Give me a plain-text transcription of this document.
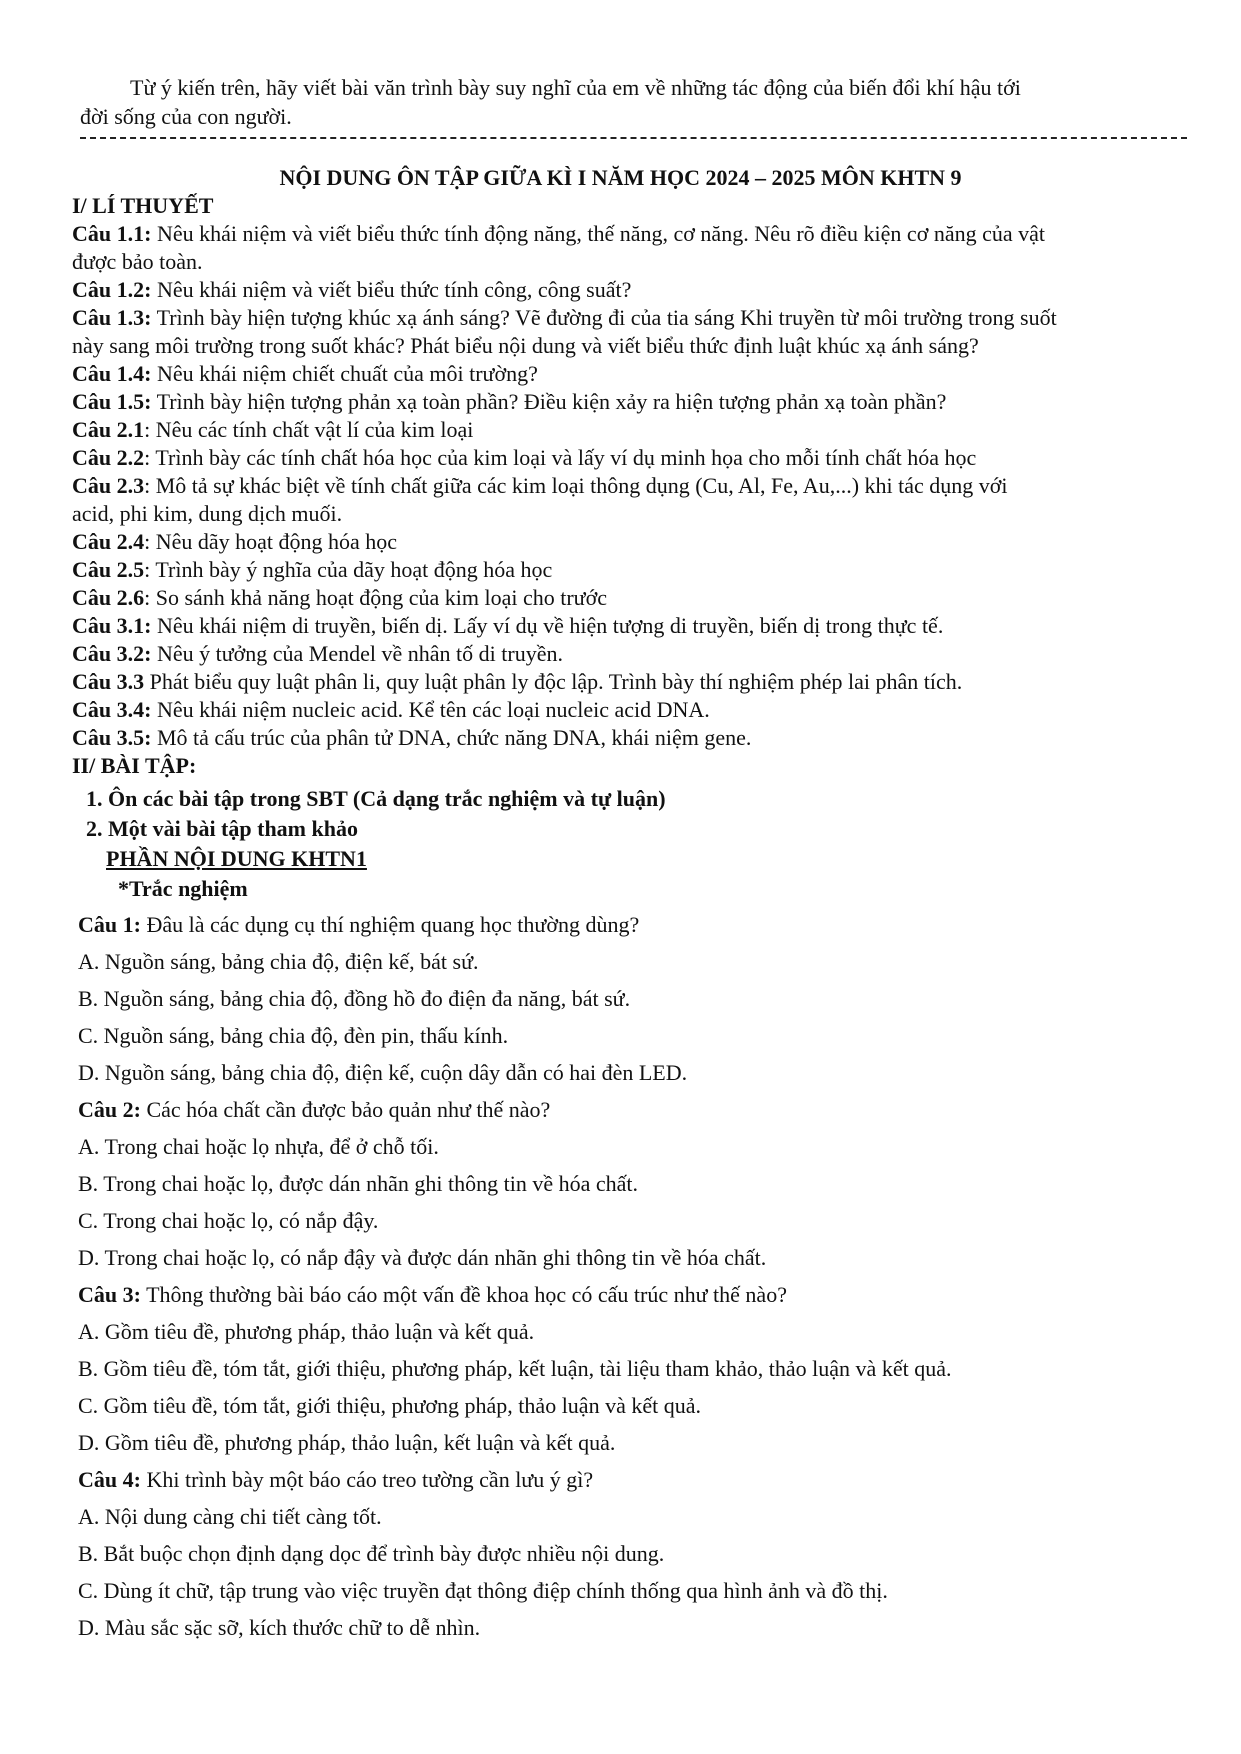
Từ ý kiến trên, hãy viết bài văn trình bày suy nghĩ của em về những tác động của biến đổi khí hậu tới
đời sống của con người.
NỘI DUNG ÔN TẬP GIỮA KÌ I NĂM HỌC 2024 – 2025 MÔN KHTN 9
I/ LÍ THUYẾT
Câu 1.1: Nêu khái niệm và viết biểu thức tính động năng, thế năng, cơ năng. Nêu rõ điều kiện cơ năng của vật
được bảo toàn.
Câu 1.2: Nêu khái niệm và viết biểu thức tính công, công suất?
Câu 1.3: Trình bày hiện tượng khúc xạ ánh sáng? Vẽ đường đi của tia sáng Khi truyền từ môi trường trong suốt
này sang môi trường trong suốt khác? Phát biểu nội dung và viết biểu thức định luật khúc xạ ánh sáng?
Câu 1.4: Nêu khái niệm chiết chuất của môi trường?
Câu 1.5: Trình bày hiện tượng phản xạ toàn phần? Điều kiện xảy ra hiện tượng phản xạ toàn phần?
Câu 2.1: Nêu các tính chất vật lí của kim loại
Câu 2.2: Trình bày các tính chất hóa học của kim loại và lấy ví dụ minh họa cho mỗi tính chất hóa học
Câu 2.3: Mô tả sự khác biệt về tính chất giữa các kim loại thông dụng (Cu, Al, Fe, Au,...) khi tác dụng với
acid, phi kim, dung dịch muối.
Câu 2.4: Nêu dãy hoạt động hóa học
Câu 2.5: Trình bày ý nghĩa của dãy hoạt động hóa học
Câu 2.6: So sánh khả năng hoạt động của kim loại cho trước
Câu 3.1: Nêu khái niệm di truyền, biến dị. Lấy ví dụ về hiện tượng di truyền, biến dị trong thực tế.
Câu 3.2: Nêu ý tưởng của Mendel về nhân tố di truyền.
Câu 3.3 Phát biểu quy luật phân li, quy luật phân ly độc lập. Trình bày thí nghiệm phép lai phân tích.
Câu 3.4: Nêu khái niệm nucleic acid. Kể tên các loại nucleic acid DNA.
Câu 3.5: Mô tả cấu trúc của phân tử DNA, chức năng DNA, khái niệm gene.
II/ BÀI TẬP:
1. Ôn các bài tập trong SBT (Cả dạng trắc nghiệm và tự luận)
2. Một vài bài tập tham khảo
PHẦN NỘI DUNG KHTN1
*Trắc nghiệm
Câu 1: Đâu là các dụng cụ thí nghiệm quang học thường dùng?
A. Nguồn sáng, bảng chia độ, điện kế, bát sứ.
B. Nguồn sáng, bảng chia độ, đồng hồ đo điện đa năng, bát sứ.
C. Nguồn sáng, bảng chia độ, đèn pin, thấu kính.
D. Nguồn sáng, bảng chia độ, điện kế, cuộn dây dẫn có hai đèn LED.
Câu 2: Các hóa chất cần được bảo quản như thế nào?
A. Trong chai hoặc lọ nhựa, để ở chỗ tối.
B. Trong chai hoặc lọ, được dán nhãn ghi thông tin về hóa chất.
C. Trong chai hoặc lọ, có nắp đậy.
D. Trong chai hoặc lọ, có nắp đậy và được dán nhãn ghi thông tin về hóa chất.
Câu 3: Thông thường bài báo cáo một vấn đề khoa học có cấu trúc như thế nào?
A. Gồm tiêu đề, phương pháp, thảo luận và kết quả.
B. Gồm tiêu đề, tóm tắt, giới thiệu, phương pháp, kết luận, tài liệu tham khảo, thảo luận và kết quả.
C. Gồm tiêu đề, tóm tắt, giới thiệu, phương pháp, thảo luận và kết quả.
D. Gồm tiêu đề, phương pháp, thảo luận, kết luận và kết quả.
Câu 4: Khi trình bày một báo cáo treo tường cần lưu ý gì?
A. Nội dung càng chi tiết càng tốt.
B. Bắt buộc chọn định dạng dọc để trình bày được nhiều nội dung.
C. Dùng ít chữ, tập trung vào việc truyền đạt thông điệp chính thống qua hình ảnh và đồ thị.
D. Màu sắc sặc sỡ, kích thước chữ to dễ nhìn.
